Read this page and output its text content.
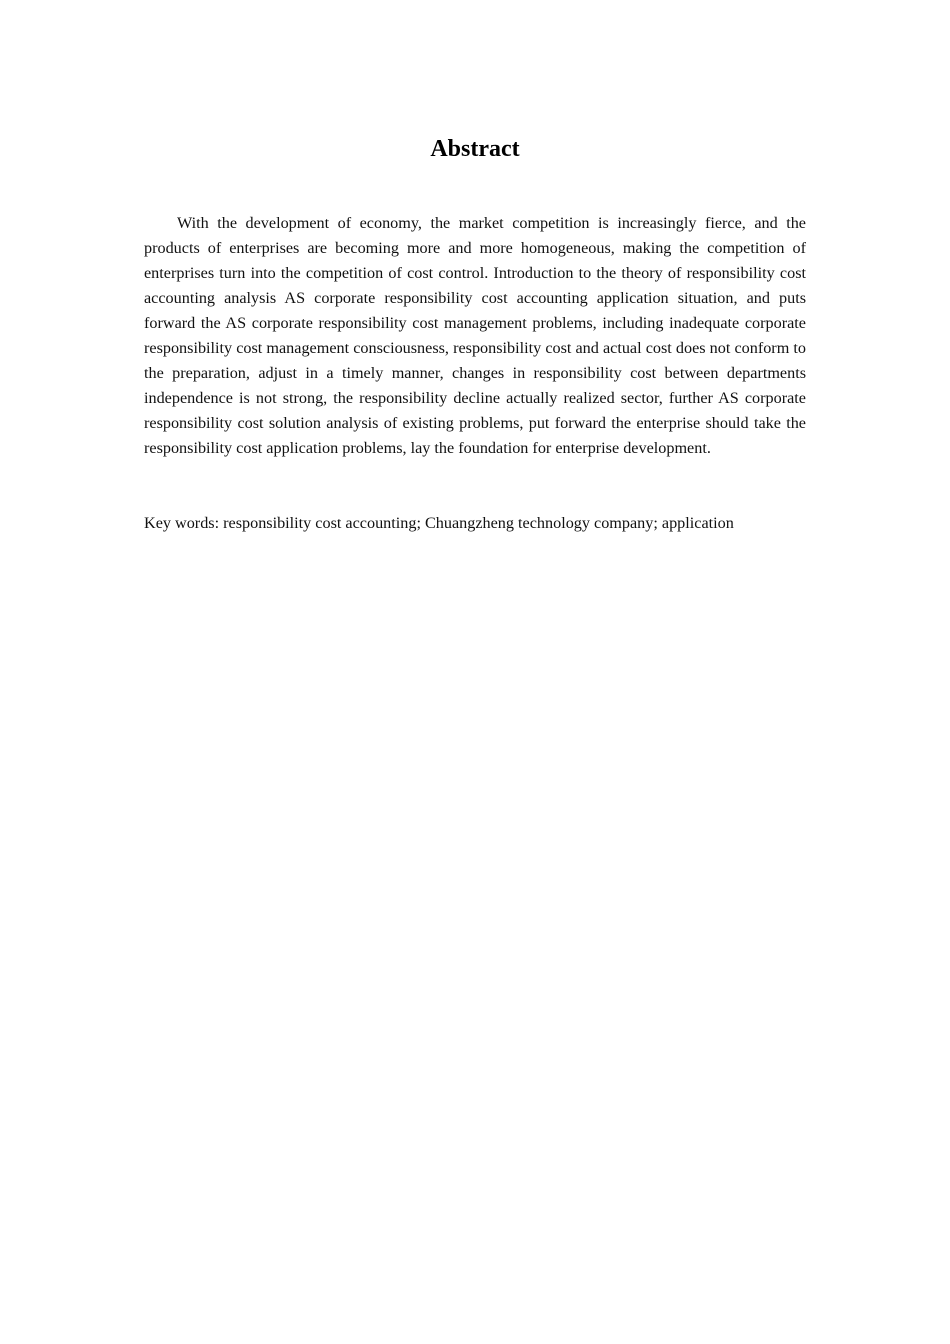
Abstract

With the development of economy, the market competition is increasingly fierce, and the products of enterprises are becoming more and more homogeneous, making the competition of enterprises turn into the competition of cost control. Introduction to the theory of responsibility cost accounting analysis AS corporate responsibility cost accounting application situation, and puts forward the AS corporate responsibility cost management problems, including inadequate corporate responsibility cost management consciousness, responsibility cost and actual cost does not conform to the preparation, adjust in a timely manner, changes in responsibility cost between departments independence is not strong, the responsibility decline actually realized sector, further AS corporate responsibility cost solution analysis of existing problems, put forward the enterprise should take the responsibility cost application problems, lay the foundation for enterprise development.

Key words: responsibility cost accounting; Chuangzheng technology company; application
